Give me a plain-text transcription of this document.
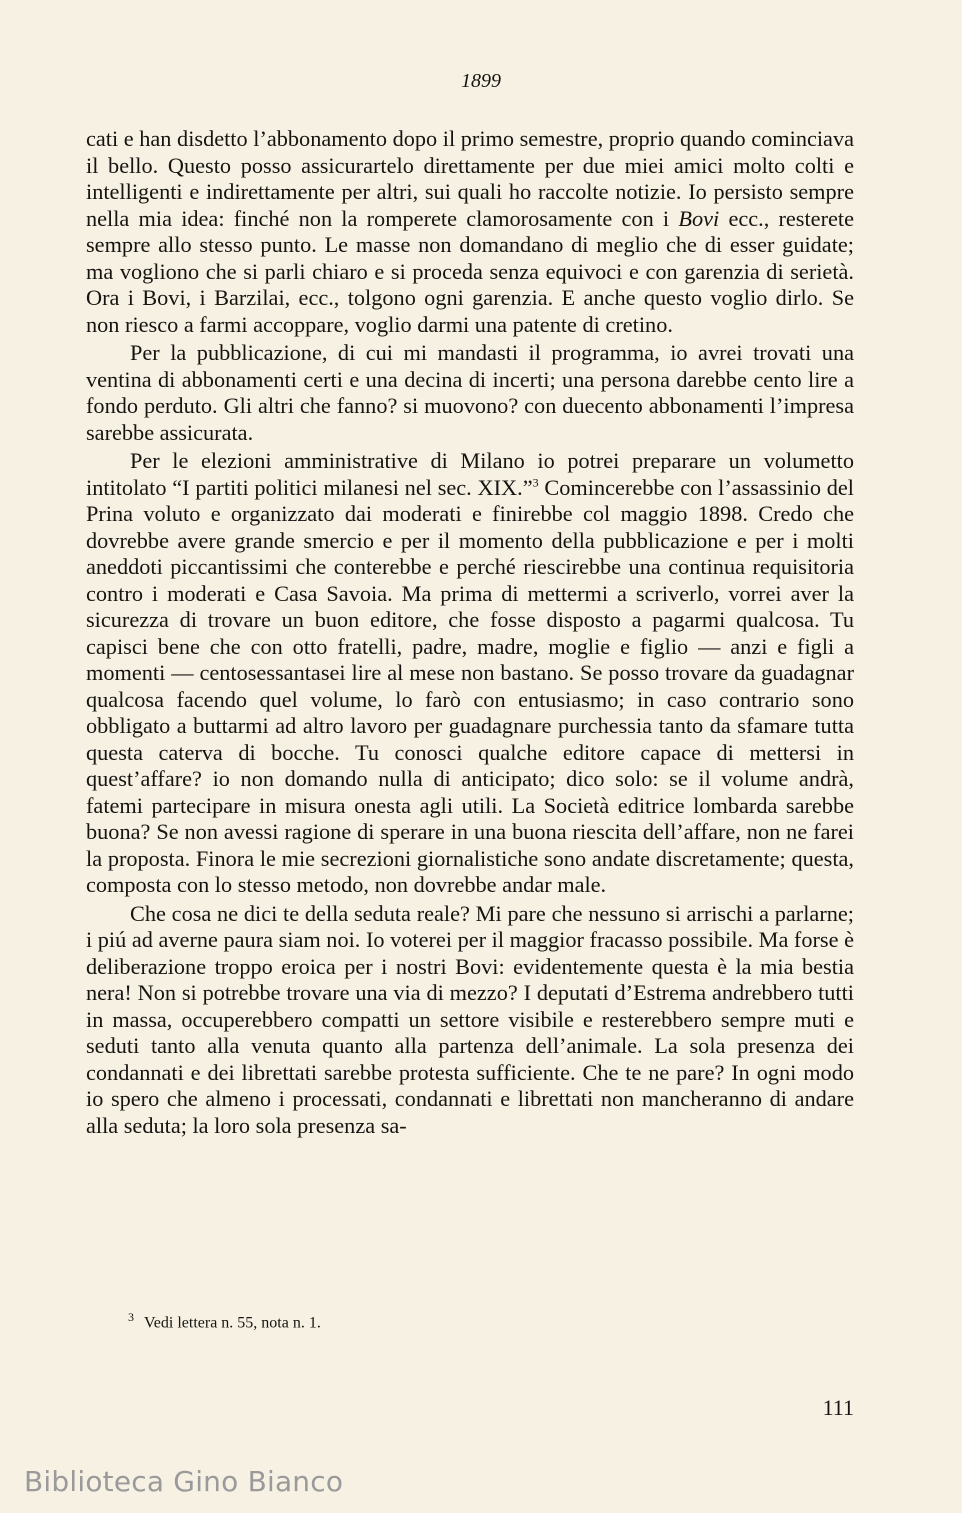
1899

cati e han disdetto l’abbonamento dopo il primo semestre, proprio quando cominciava il bello. Questo posso assicurartelo direttamente per due miei amici molto colti e intelligenti e indirettamente per altri, sui quali ho raccolte notizie. Io persisto sempre nella mia idea: finché non la romperete clamorosamente con i Bovi ecc., resterete sempre allo stesso punto. Le masse non domandano di meglio che di esser guidate; ma vogliono che si parli chiaro e si proceda senza equivoci e con garenzia di serietà. Ora i Bovi, i Barzilai, ecc., tolgono ogni garenzia. E anche questo voglio dirlo. Se non riesco a farmi accoppare, voglio darmi una patente di cretino.

Per la pubblicazione, di cui mi mandasti il programma, io avrei trovati una ventina di abbonamenti certi e una decina di incerti; una persona darebbe cento lire a fondo perduto. Gli altri che fanno? si muovono? con duecento abbonamenti l’impresa sarebbe assicurata.

Per le elezioni amministrative di Milano io potrei preparare un volumetto intitolato “I partiti politici milanesi nel sec. XIX.”$^3$ Comincerebbe con l’assassinio del Prina voluto e organizzato dai moderati e finirebbe col maggio 1898. Credo che dovrebbe avere grande smercio e per il momento della pubblicazione e per i molti aneddoti piccantissimi che conterebbe e perché riescirebbe una continua requisitoria contro i moderati e Casa Savoia. Ma prima di mettermi a scriverlo, vorrei aver la sicurezza di trovare un buon editore, che fosse disposto a pagarmi qualcosa. Tu capisci bene che con otto fratelli, padre, madre, moglie e figlio — anzi e figli a momenti — centosessantasei lire al mese non bastano. Se posso trovare da guadagnar qualcosa facendo quel volume, lo farò con entusiasmo; in caso contrario sono obbligato a buttarmi ad altro lavoro per guadagnare purchessia tanto da sfamare tutta questa caterva di bocche. Tu conosci qualche editore capace di mettersi in quest’affare? io non domando nulla di anticipato; dico solo: se il volume andrà, fatemi partecipare in misura onesta agli utili. La Società editrice lombarda sarebbe buona? Se non avessi ragione di sperare in una buona riescita dell’affare, non ne farei la proposta. Finora le mie secrezioni giornalistiche sono andate discretamente; questa, composta con lo stesso metodo, non dovrebbe andar male.

Che cosa ne dici te della seduta reale? Mi pare che nessuno si arrischi a parlarne; i piú ad averne paura siam noi. Io voterei per il maggior fracasso possibile. Ma forse è deliberazione troppo eroica per i nostri Bovi: evidentemente questa è la mia bestia nera! Non si potrebbe trovare una via di mezzo? I deputati d’Estrema andrebbero tutti in massa, occuperebbero compatti un settore visibile e resterebbero sempre muti e seduti tanto alla venuta quanto alla partenza dell’animale. La sola presenza dei condannati e dei librettati sarebbe protesta sufficiente. Che te ne pare? In ogni modo io spero che almeno i processati, condannati e librettati non mancheranno di andare alla seduta; la loro sola presenza sa-

$^3$ Vedi lettera n. 55, nota n. 1.
111
Biblioteca Gino Bianco
